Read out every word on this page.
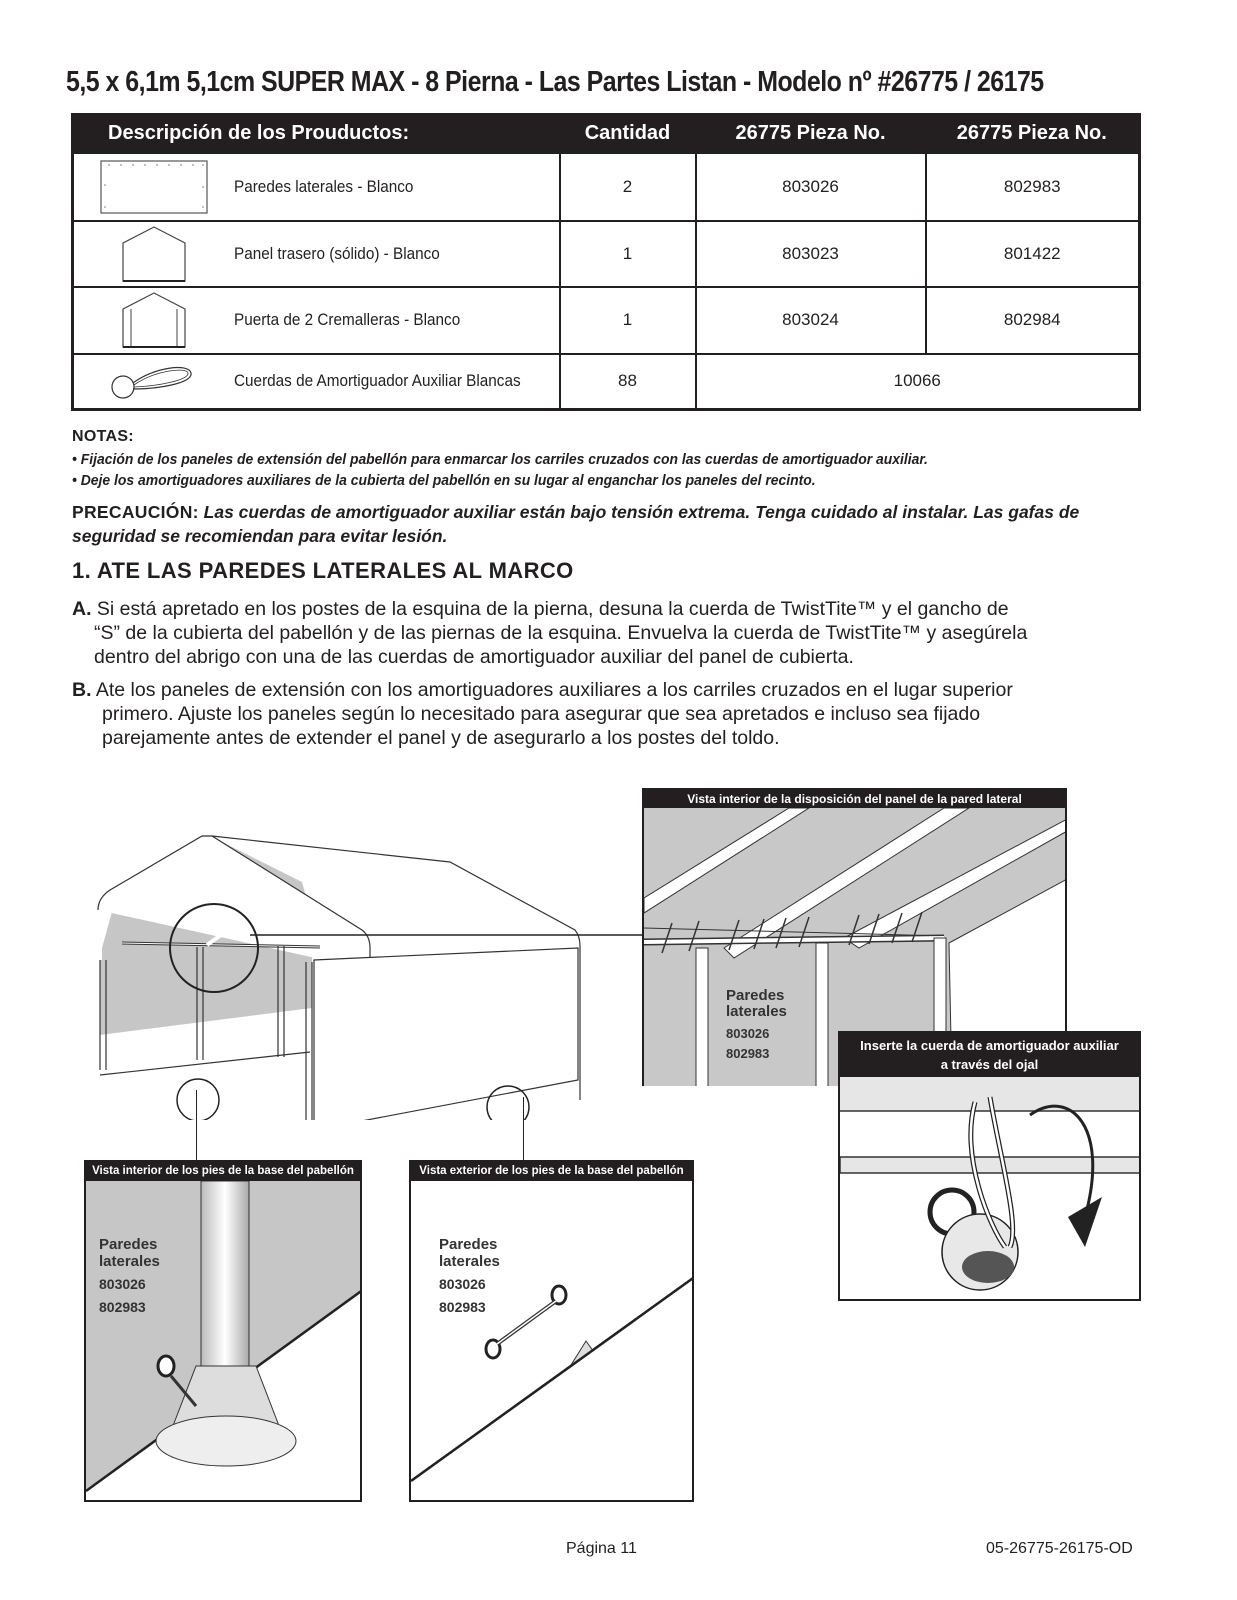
5,5 x 6,1m 5,1cm SUPER MAX - 8 Pierna - Las Partes Listan - Modelo nº #26775 / 26175
Descripción de los Prouductos:	Cantidad	26775 Pieza No.	26775 Pieza No.

Paredes laterales - Blanco	2	803026	802983

Panel trasero (sólido) - Blanco	1	803023	801422

Puerta de 2 Cremalleras - Blanco	1	803024	802984

Cuerdas de Amortiguador Auxiliar Blancas	88	10066	
NOTAS:
• Fijación de los paneles de extensión del pabellón para enmarcar los carriles cruzados con las cuerdas de amortiguador auxiliar.
• Deje los amortiguadores auxiliares de la cubierta del pabellón en su lugar al enganchar los paneles del recinto.
PRECAUCIÓN: Las cuerdas de amortiguador auxiliar están bajo tensión extrema. Tenga cuidado al instalar. Las gafas de seguridad se recomiendan para evitar lesión.
1. ATE LAS PAREDES LATERALES AL MARCO
A. Si está apretado en los postes de la esquina de la pierna, desuna la cuerda de TwistTite™ y el gancho de
“S” de la cubierta del pabellón y de las piernas de la esquina. Envuelva la cuerda de TwistTite™ y asegúrela
dentro del abrigo con una de las cuerdas de amortiguador auxiliar del panel de cubierta.
B. Ate los paneles de extensión con los amortiguadores auxiliares a los carriles cruzados en el lugar superior
primero. Ajuste los paneles según lo necesitado para asegurar que sea apretados e incluso sea fijado
parejamente antes de extender el panel y de asegurarlo a los postes del toldo.
Vista interior de la disposición del panel de la pared lateral
Paredes
laterales
803026
802983
Inserte la cuerda de amortiguador auxiliar
a través del ojal
Vista interior de los pies de la base del pabellón
Paredes
laterales
803026
802983
Vista exterior de los pies de la base del pabellón
Paredes
laterales
803026
802983
Página 11	05-26775-26175-OD
